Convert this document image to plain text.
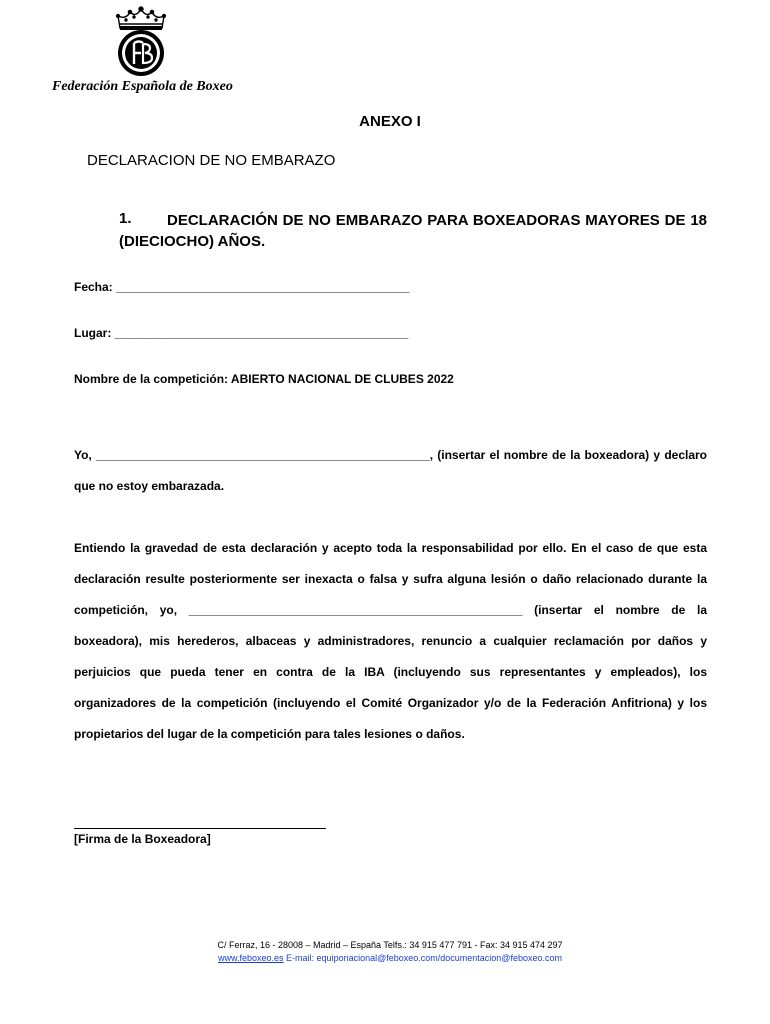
Federación Española de Boxeo
ANEXO I
DECLARACION DE NO EMBARAZO
1.	DECLARACIÓN DE NO EMBARAZO PARA BOXEADORAS MAYORES DE 18 (DIECIOCHO) AÑOS.
Fecha: ____________________________________________
Lugar: ____________________________________________
Nombre de la competición: ABIERTO NACIONAL DE CLUBES 2022
Yo, __________________________________________________, (insertar el nombre de la boxeadora) y declaro que no estoy embarazada.
Entiendo la gravedad de esta declaración y acepto toda la responsabilidad por ello. En el caso de que esta declaración resulte posteriormente ser inexacta o falsa y sufra alguna lesión o daño relacionado durante la competición, yo, __________________________________________________ (insertar el nombre de la boxeadora), mis herederos, albaceas y administradores, renuncio a cualquier reclamación por daños y perjuicios que pueda tener en contra de la IBA (incluyendo sus representantes y empleados), los organizadores de la competición (incluyendo el Comité Organizador y/o de la Federación Anfitriona) y los propietarios del lugar de la competición para tales lesiones o daños.
[Firma de la Boxeadora]
C/ Ferraz, 16 - 28008 – Madrid – España Telfs.: 34 915 477 791 - Fax: 34 915 474 297
www.feboxeo.es E-mail: equiponacional@feboxeo.com/documentacion@feboxeo.com
